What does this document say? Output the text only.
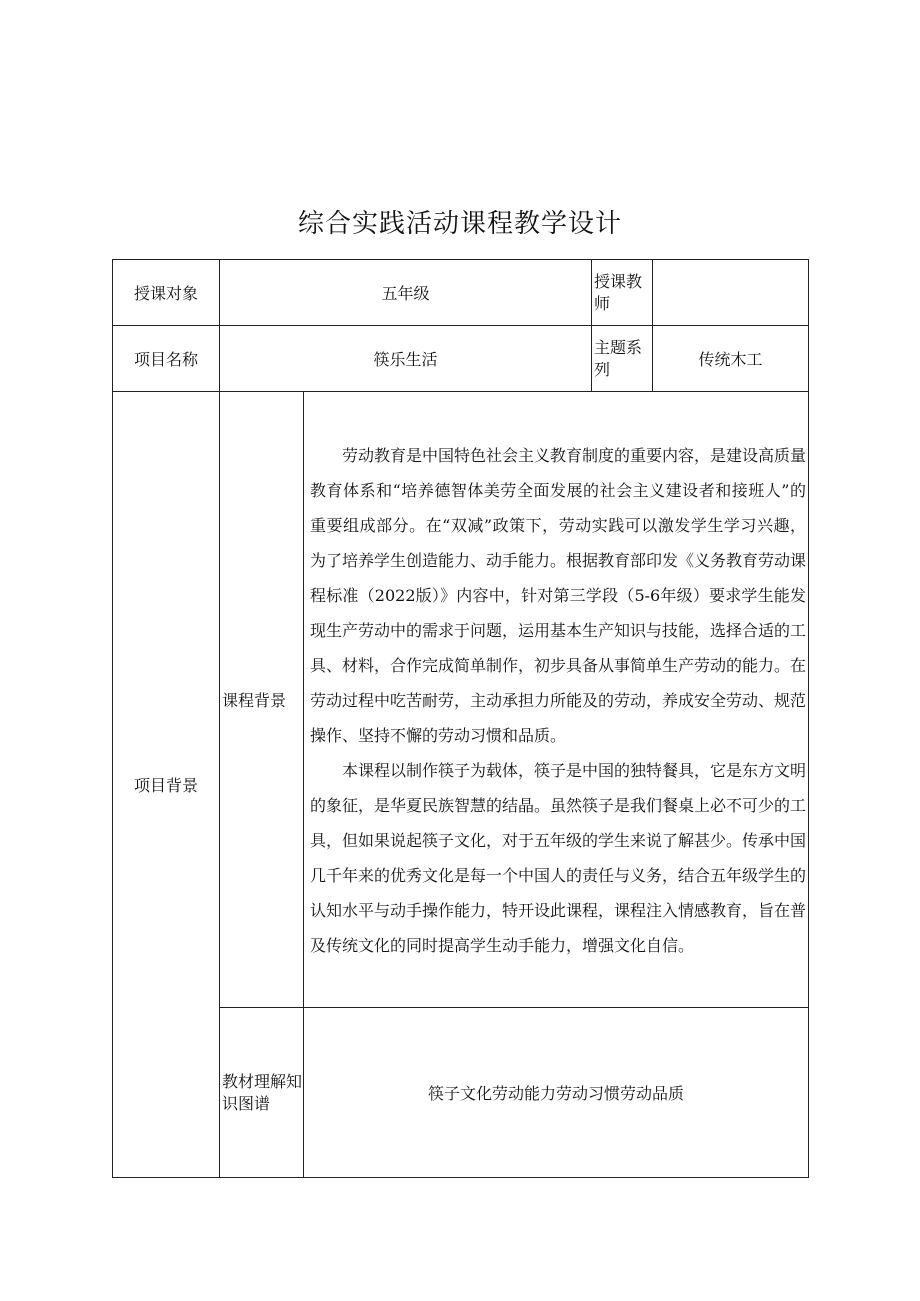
综合实践活动课程教学设计
授课对象	五年级		授课教师	
项目名称	筷乐生活		主题系列	传统木工
项目背景	课程背景	劳动教育是中国特色社会主义教育制度的重要内容，是建设高质量教育体系和“培养德智体美劳全面发展的社会主义建设者和接班人”的重要组成部分。在“双减”政策下，劳动实践可以激发学生学习兴趣，为了培养学生创造能力、动手能力。根据教育部印发《义务教育劳动课程标准（2022版）》内容中，针对第三学段（5-6年级）要求学生能发现生产劳动中的需求于问题，运用基本生产知识与技能，选择合适的工具、材料，合作完成简单制作，初步具备从事简单生产劳动的能力。在劳动过程中吃苦耐劳，主动承担力所能及的劳动，养成安全劳动、规范操作、坚持不懈的劳动习惯和品质。

本课程以制作筷子为载体，筷子是中国的独特餐具，它是东方文明的象征，是华夏民族智慧的结晶。虽然筷子是我们餐桌上必不可少的工具，但如果说起筷子文化，对于五年级的学生来说了解甚少。传承中国几千年来的优秀文化是每一个中国人的责任与义务，结合五年级学生的认知水平与动手操作能力，特开设此课程，课程注入情感教育，旨在普及传统文化的同时提高学生动手能力，增强文化自信。		

	教材理解知识图谱	筷子文化劳动能力劳动习惯劳动品质		
